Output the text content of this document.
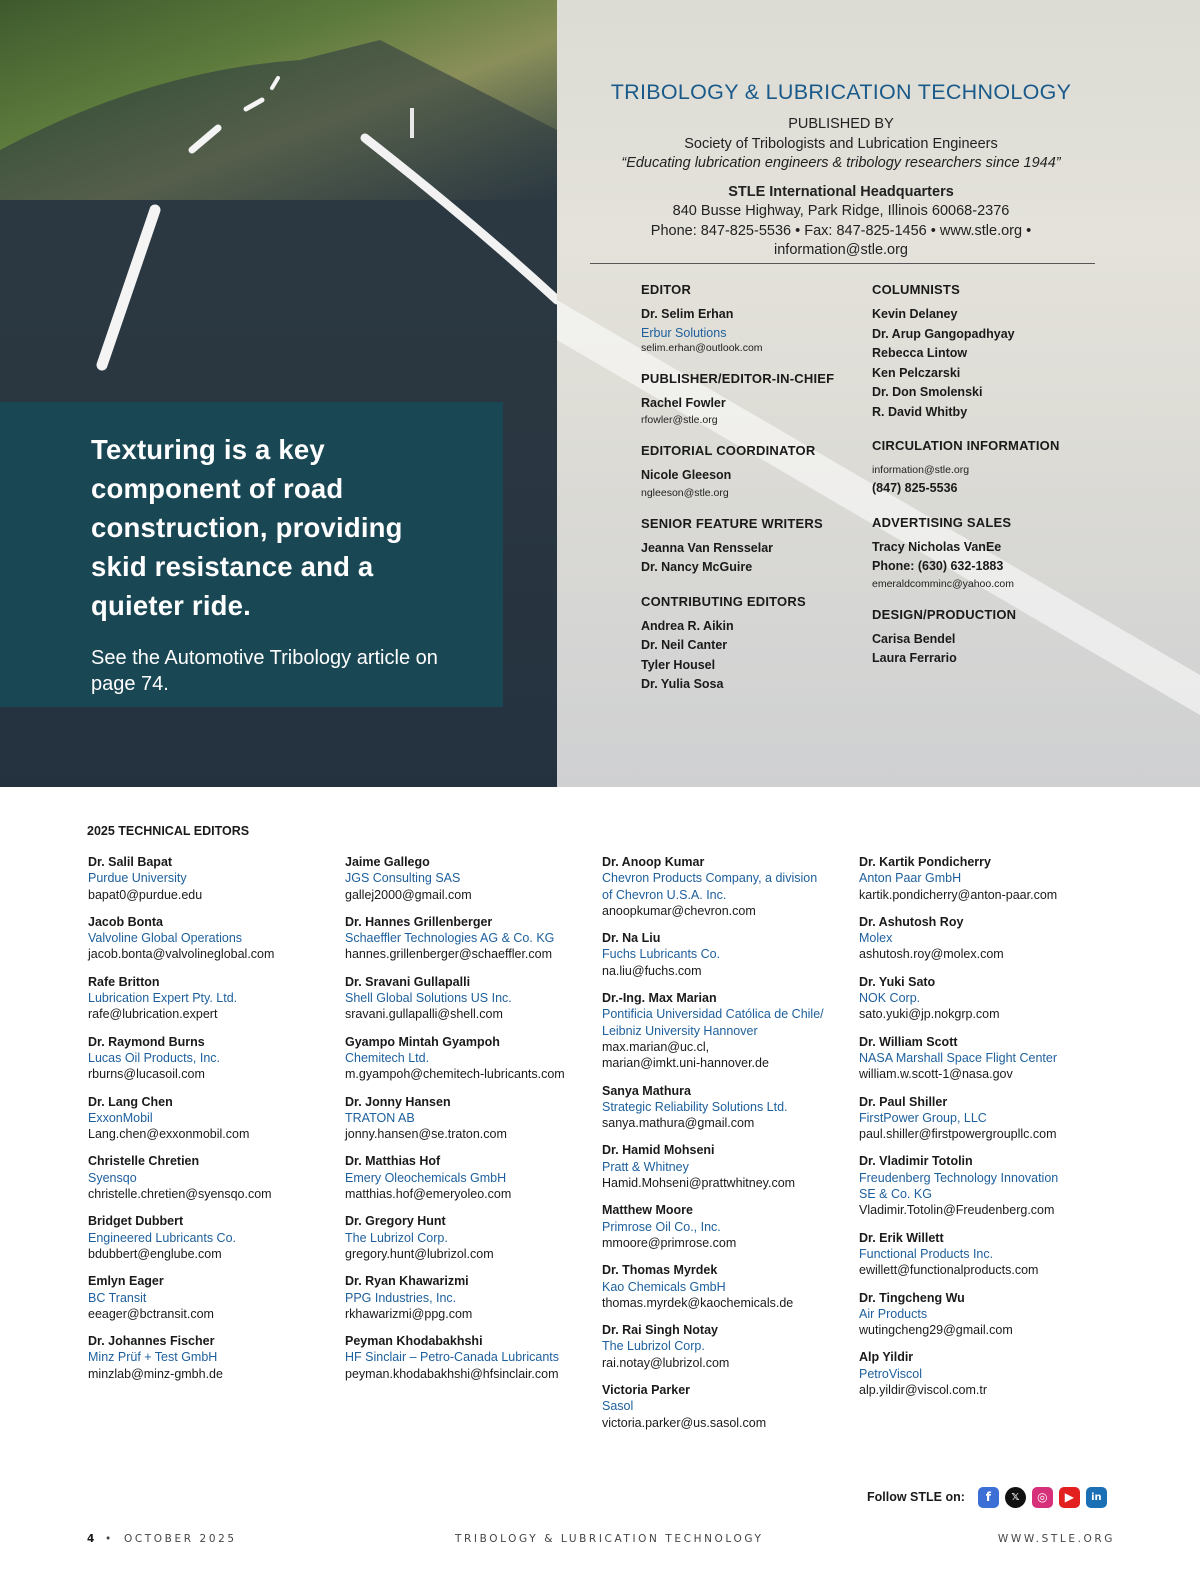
Texturing is a key component of road construction, providing skid resistance and a quieter ride.
See the Automotive Tribology article on page 74.
TRIBOLOGY & LUBRICATION TECHNOLOGY
PUBLISHED BY
Society of Tribologists and Lubrication Engineers
“Educating lubrication engineers & tribology researchers since 1944”
STLE International Headquarters
840 Busse Highway, Park Ridge, Illinois 60068-2376
Phone: 847-825-5536 • Fax: 847-825-1456 • www.stle.org • information@stle.org
EDITOR
Dr. Selim Erhan
Erbur Solutions
selim.erhan@outlook.com
PUBLISHER/EDITOR-IN-CHIEF
Rachel Fowler
rfowler@stle.org
EDITORIAL COORDINATOR
Nicole Gleeson
ngleeson@stle.org
SENIOR FEATURE WRITERS
Jeanna Van Rensselar
Dr. Nancy McGuire
CONTRIBUTING EDITORS
Andrea R. Aikin
Dr. Neil Canter
Tyler Housel
Dr. Yulia Sosa
COLUMNISTS
Kevin Delaney
Dr. Arup Gangopadhyay
Rebecca Lintow
Ken Pelczarski
Dr. Don Smolenski
R. David Whitby
CIRCULATION INFORMATION
information@stle.org
(847) 825-5536
ADVERTISING SALES
Tracy Nicholas VanEe
Phone: (630) 632-1883
emeraldcomminc@yahoo.com
DESIGN/PRODUCTION
Carisa Bendel
Laura Ferrario
2025 TECHNICAL EDITORS
Dr. Salil Bapat
Purdue University
bapat0@purdue.edu
Jacob Bonta
Valvoline Global Operations
jacob.bonta@valvolineglobal.com
Rafe Britton
Lubrication Expert Pty. Ltd.
rafe@lubrication.expert
Dr. Raymond Burns
Lucas Oil Products, Inc.
rburns@lucasoil.com
Dr. Lang Chen
ExxonMobil
Lang.chen@exxonmobil.com
Christelle Chretien
Syensqo
christelle.chretien@syensqo.com
Bridget Dubbert
Engineered Lubricants Co.
bdubbert@englube.com
Emlyn Eager
BC Transit
eeager@bctransit.com
Dr. Johannes Fischer
Minz Prüf + Test GmbH
minzlab@minz-gmbh.de
Jaime Gallego
JGS Consulting SAS
gallej2000@gmail.com
Dr. Hannes Grillenberger
Schaeffler Technologies AG & Co. KG
hannes.grillenberger@schaeffler.com
Dr. Sravani Gullapalli
Shell Global Solutions US Inc.
sravani.gullapalli@shell.com
Gyampo Mintah Gyampoh
Chemitech Ltd.
m.gyampoh@chemitech-lubricants.com
Dr. Jonny Hansen
TRATON AB
jonny.hansen@se.traton.com
Dr. Matthias Hof
Emery Oleochemicals GmbH
matthias.hof@emeryoleo.com
Dr. Gregory Hunt
The Lubrizol Corp.
gregory.hunt@lubrizol.com
Dr. Ryan Khawarizmi
PPG Industries, Inc.
rkhawarizmi@ppg.com
Peyman Khodabakhshi
HF Sinclair – Petro-Canada Lubricants
peyman.khodabakhshi@hfsinclair.com
Dr. Anoop Kumar
Chevron Products Company, a division
of Chevron U.S.A. Inc.
anoopkumar@chevron.com
Dr. Na Liu
Fuchs Lubricants Co.
na.liu@fuchs.com
Dr.-Ing. Max Marian
Pontificia Universidad Católica de Chile/
Leibniz University Hannover
max.marian@uc.cl,
marian@imkt.uni-hannover.de
Sanya Mathura
Strategic Reliability Solutions Ltd.
sanya.mathura@gmail.com
Dr. Hamid Mohseni
Pratt & Whitney
Hamid.Mohseni@prattwhitney.com
Matthew Moore
Primrose Oil Co., Inc.
mmoore@primrose.com
Dr. Thomas Myrdek
Kao Chemicals GmbH
thomas.myrdek@kaochemicals.de
Dr. Rai Singh Notay
The Lubrizol Corp.
rai.notay@lubrizol.com
Victoria Parker
Sasol
victoria.parker@us.sasol.com
Dr. Kartik Pondicherry
Anton Paar GmbH
kartik.pondicherry@anton-paar.com
Dr. Ashutosh Roy
Molex
ashutosh.roy@molex.com
Dr. Yuki Sato
NOK Corp.
sato.yuki@jp.nokgrp.com
Dr. William Scott
NASA Marshall Space Flight Center
william.w.scott-1@nasa.gov
Dr. Paul Shiller
FirstPower Group, LLC
paul.shiller@firstpowergroupllc.com
Dr. Vladimir Totolin
Freudenberg Technology Innovation
SE & Co. KG
Vladimir.Totolin@Freudenberg.com
Dr. Erik Willett
Functional Products Inc.
ewillett@functionalproducts.com
Dr. Tingcheng Wu
Air Products
wutingcheng29@gmail.com
Alp Yildir
PetroViscol
alp.yildir@viscol.com.tr
Follow STLE on: f 𝕏 ◎ ▶ in
4 • OCTOBER 2025	TRIBOLOGY & LUBRICATION TECHNOLOGY	WWW.STLE.ORG
